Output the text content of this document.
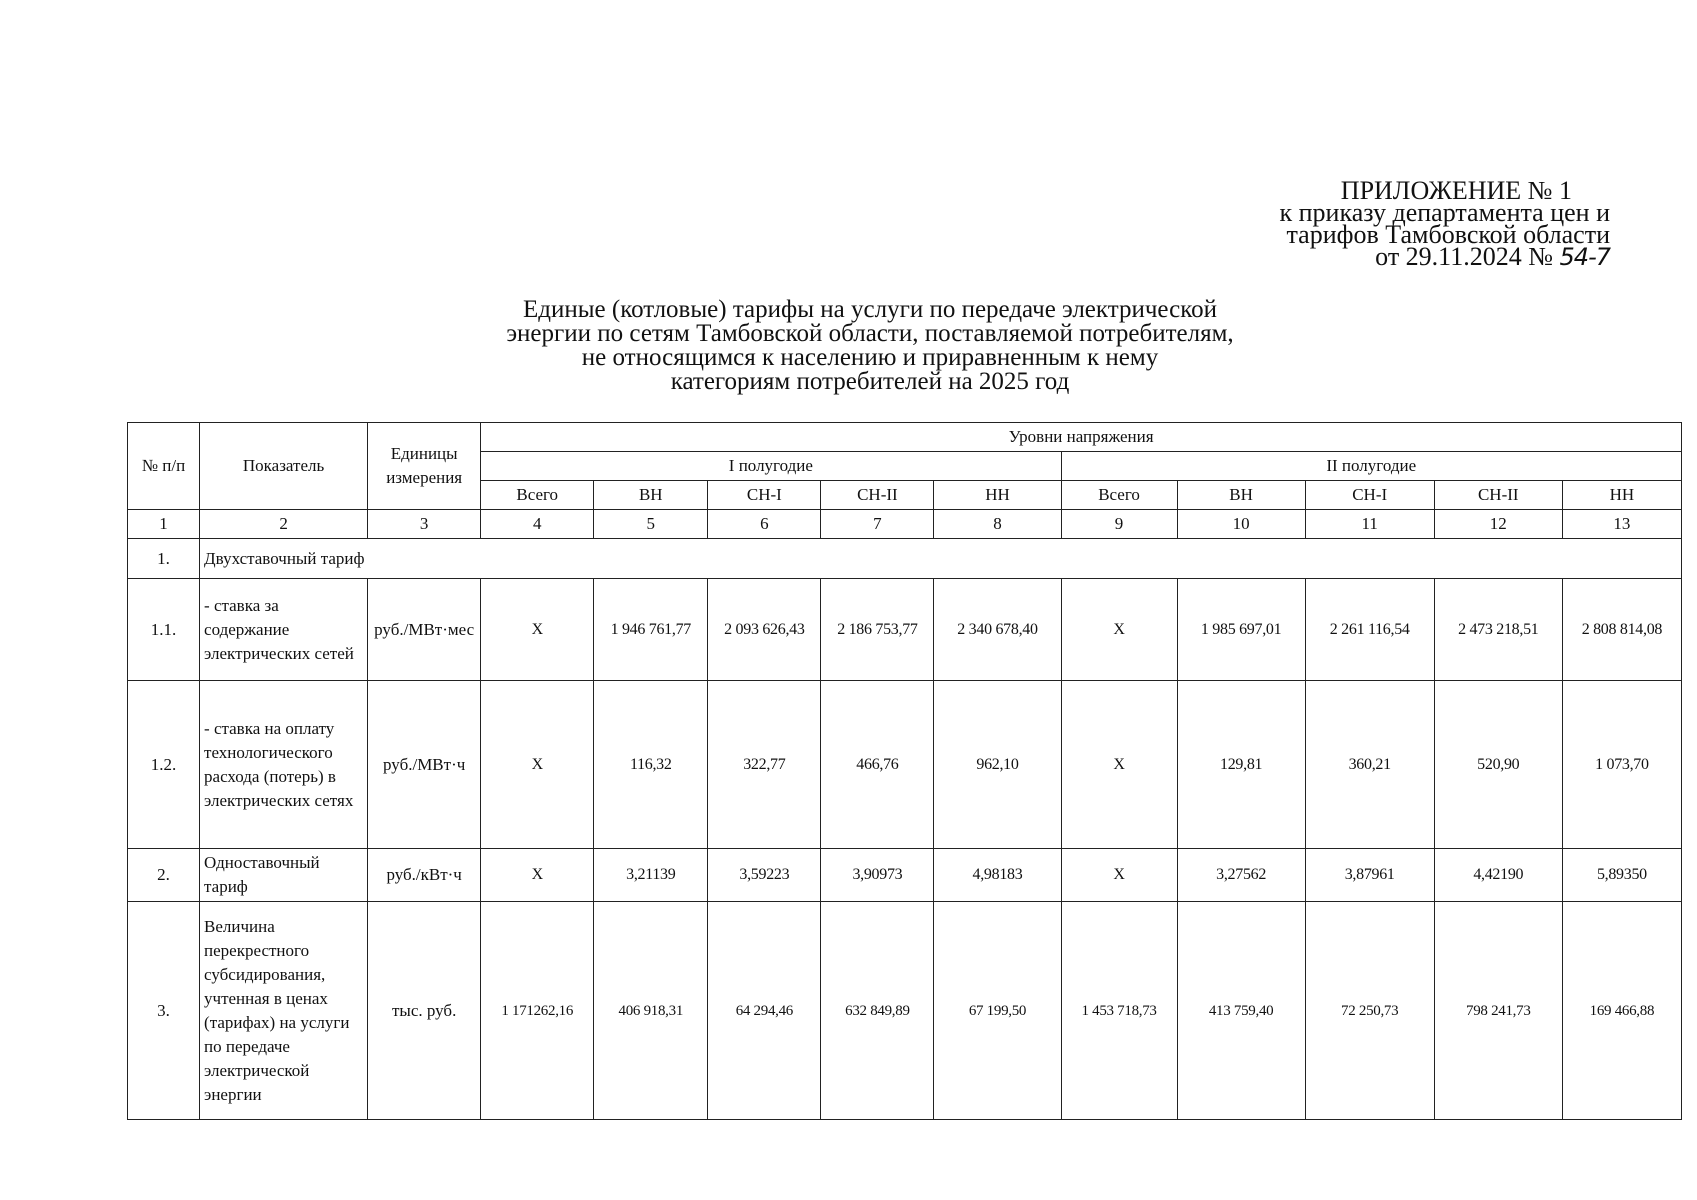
ПРИЛОЖЕНИЕ № 1
к приказу департамента цен и
тарифов Тамбовской области
от 29.11.2024 № 54-7
Единые (котловые) тарифы на услуги по передаче электрической
энергии по сетям Тамбовской области, поставляемой потребителям,
не относящимся к населению и приравненным к нему
категориям потребителей на 2025 год
№ п/п	Показатель	Единицы измерения	Уровни напряжения									
			I полугодие					II полугодие				
			Всего	ВН	СН-I	СН-II	НН	Всего	ВН	СН-I	СН-II	НН
1	2	3	4	5	6	7	8	9	10	11	12	13
1.	Двухставочный тариф											
1.1.	- ставка за содержание электрических сетей	руб./МВт·мес	Х	1 946 761,77	2 093 626,43	2 186 753,77	2 340 678,40	Х	1 985 697,01	2 261 116,54	2 473 218,51	2 808 814,08
1.2.	- ставка на оплату технологического расхода (потерь) в электрических сетях	руб./МВт·ч	Х	116,32	322,77	466,76	962,10	Х	129,81	360,21	520,90	1 073,70
2.	Одноставочный тариф	руб./кВт·ч	Х	3,21139	3,59223	3,90973	4,98183	Х	3,27562	3,87961	4,42190	5,89350
3.	Величина перекрестного субсидирования, учтенная в ценах (тарифах) на услуги по передаче электрической энергии	тыс. руб.	1 171262,16	406 918,31	64 294,46	632 849,89	67 199,50	1 453 718,73	413 759,40	72 250,73	798 241,73	169 466,88
